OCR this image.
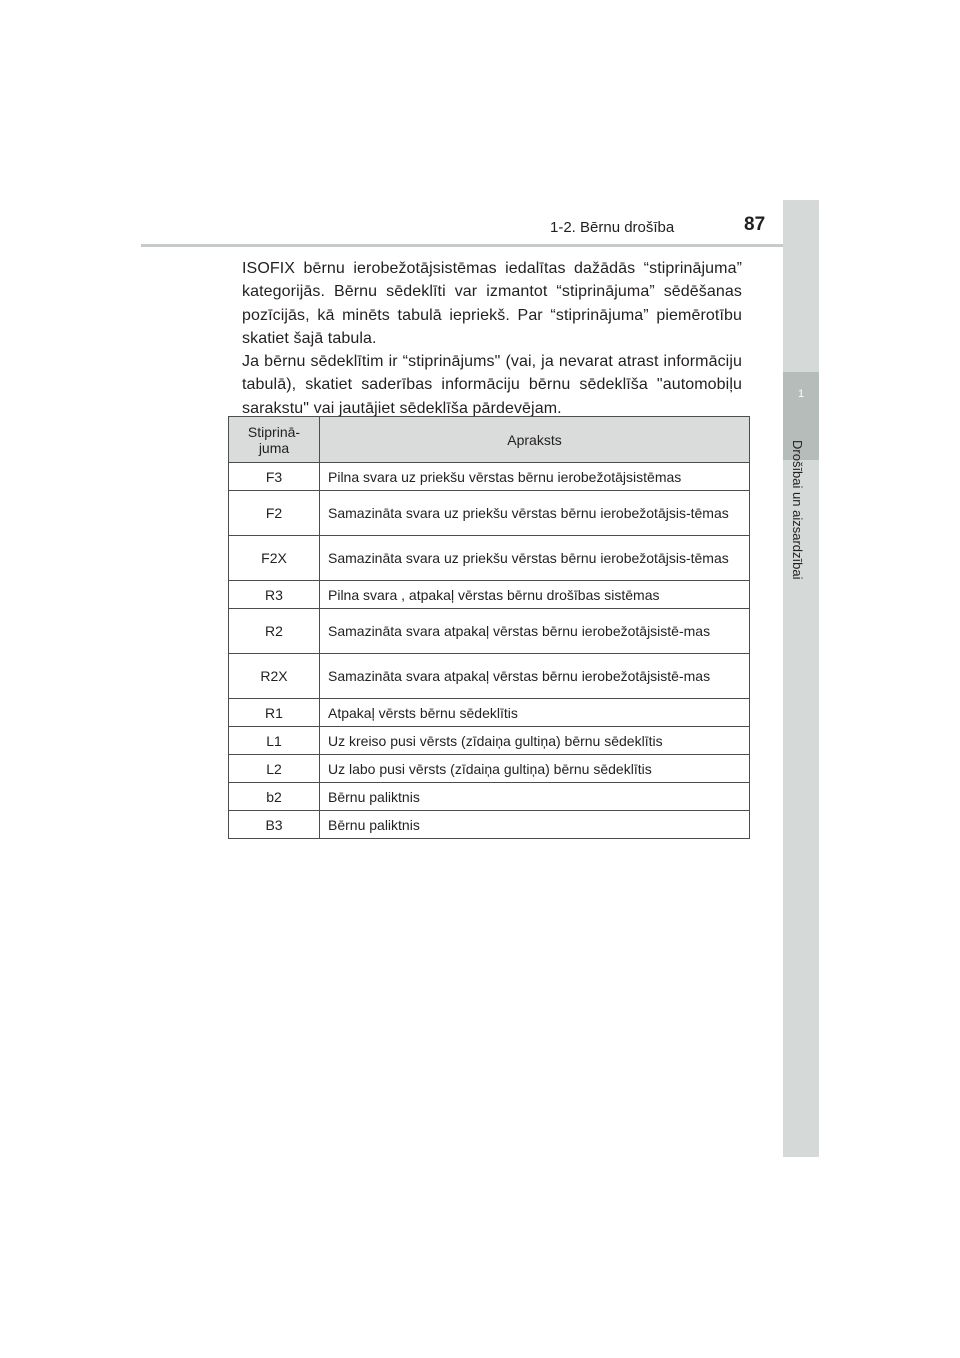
1-2. Bērnu drošība	87
1
Drošībai un aizsardzībai

ISOFIX bērnu ierobežotājsistēmas iedalītas dažādās “stiprinājuma” kategorijās. Bērnu sēdeklīti var izmantot “stiprinājuma” sēdēšanas pozīcijās, kā minēts tabulā iepriekš. Par “stiprinājuma” piemērotību skatiet šajā tabula.

Ja bērnu sēdeklītim ir “stiprinājums" (vai, ja nevarat atrast informāciju tabulā), skatiet saderības informāciju bērnu sēdeklīša "automobiļu sarakstu" vai jautājiet sēdeklīša pārdevējam.

Stiprinā-juma	Apraksts
F3	Pilna svara uz priekšu vērstas bērnu ierobežotājsistēmas
F2	Samazināta svara uz priekšu vērstas bērnu ierobežotājsis-tēmas
F2X	Samazināta svara uz priekšu vērstas bērnu ierobežotājsis-tēmas
R3	Pilna svara , atpakaļ vērstas bērnu drošības sistēmas
R2	Samazināta svara atpakaļ vērstas bērnu ierobežotājsistē-mas
R2X	Samazināta svara atpakaļ vērstas bērnu ierobežotājsistē-mas
R1	Atpakaļ vērsts bērnu sēdeklītis
L1	Uz kreiso pusi vērsts (zīdaiņa gultiņa) bērnu sēdeklītis
L2	Uz labo pusi vērsts (zīdaiņa gultiņa) bērnu sēdeklītis
b2	Bērnu paliktnis
B3	Bērnu paliktnis
